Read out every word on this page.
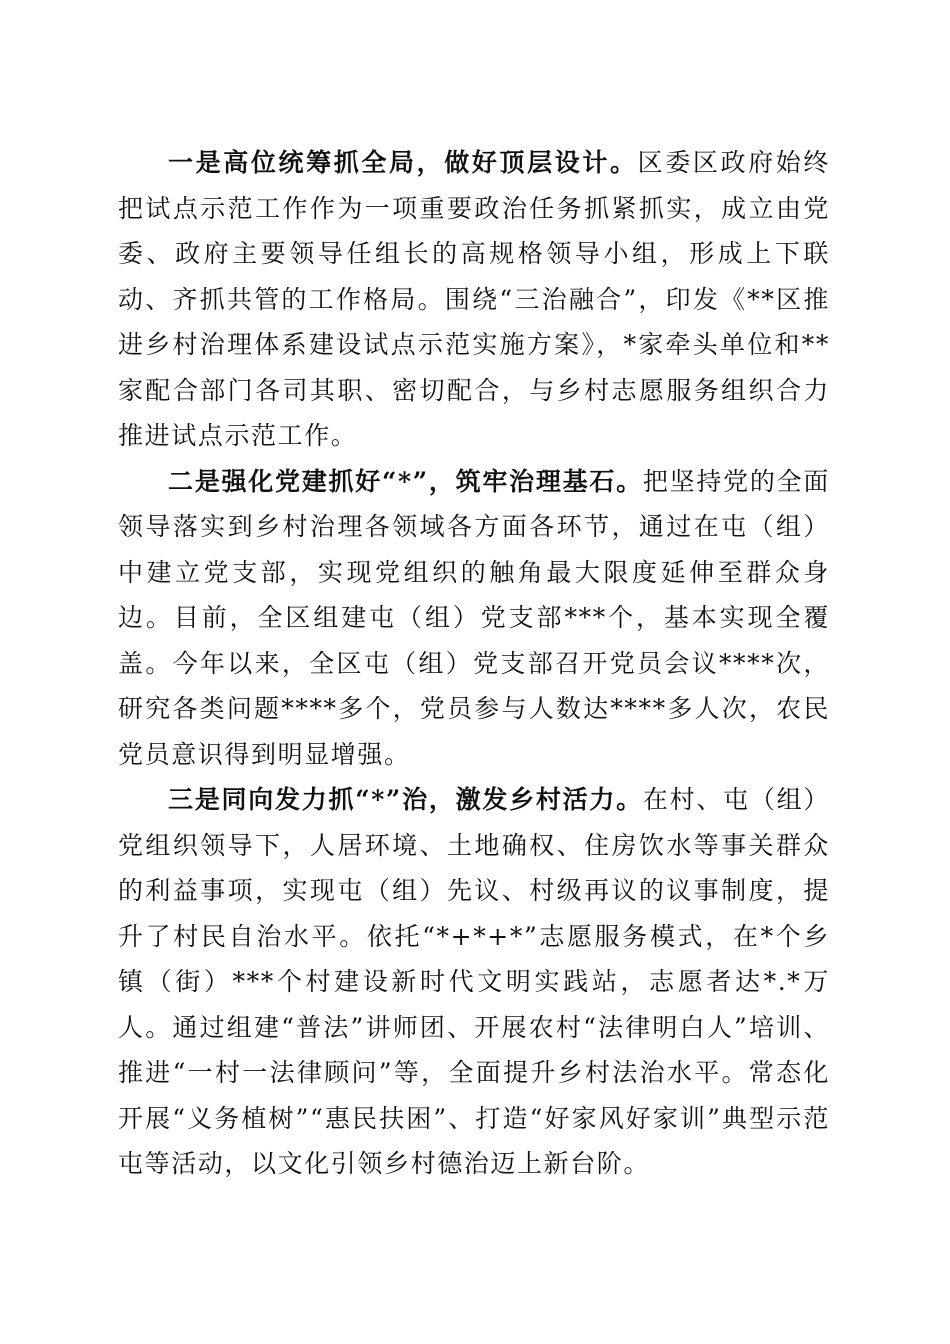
一是高位统筹抓全局，做好顶层设计。区委区政府始终把试点示范工作作为一项重要政治任务抓紧抓实，成立由党委、政府主要领导任组长的高规格领导小组，形成上下联动、齐抓共管的工作格局。围绕“三治融合”，印发《**区推进乡村治理体系建设试点示范实施方案》，*家牵头单位和**家配合部门各司其职、密切配合，与乡村志愿服务组织合力推进试点示范工作。

二是强化党建抓好“*”，筑牢治理基石。把坚持党的全面领导落实到乡村治理各领域各方面各环节，通过在屯（组）中建立党支部，实现党组织的触角最大限度延伸至群众身边。目前，全区组建屯（组）党支部***个，基本实现全覆盖。今年以来，全区屯（组）党支部召开党员会议****次，研究各类问题****多个，党员参与人数达****多人次，农民党员意识得到明显增强。

三是同向发力抓“*”治，激发乡村活力。在村、屯（组）党组织领导下，人居环境、土地确权、住房饮水等事关群众的利益事项，实现屯（组）先议、村级再议的议事制度，提升了村民自治水平。依托“*+*+*”志愿服务模式，在*个乡镇（街）***个村建设新时代文明实践站，志愿者达*.*万人。通过组建“普法”讲师团、开展农村“法律明白人”培训、推进“一村一法律顾问”等，全面提升乡村法治水平。常态化开展“义务植树”“惠民扶困”、打造“好家风好家训”典型示范屯等活动，以文化引领乡村德治迈上新台阶。
